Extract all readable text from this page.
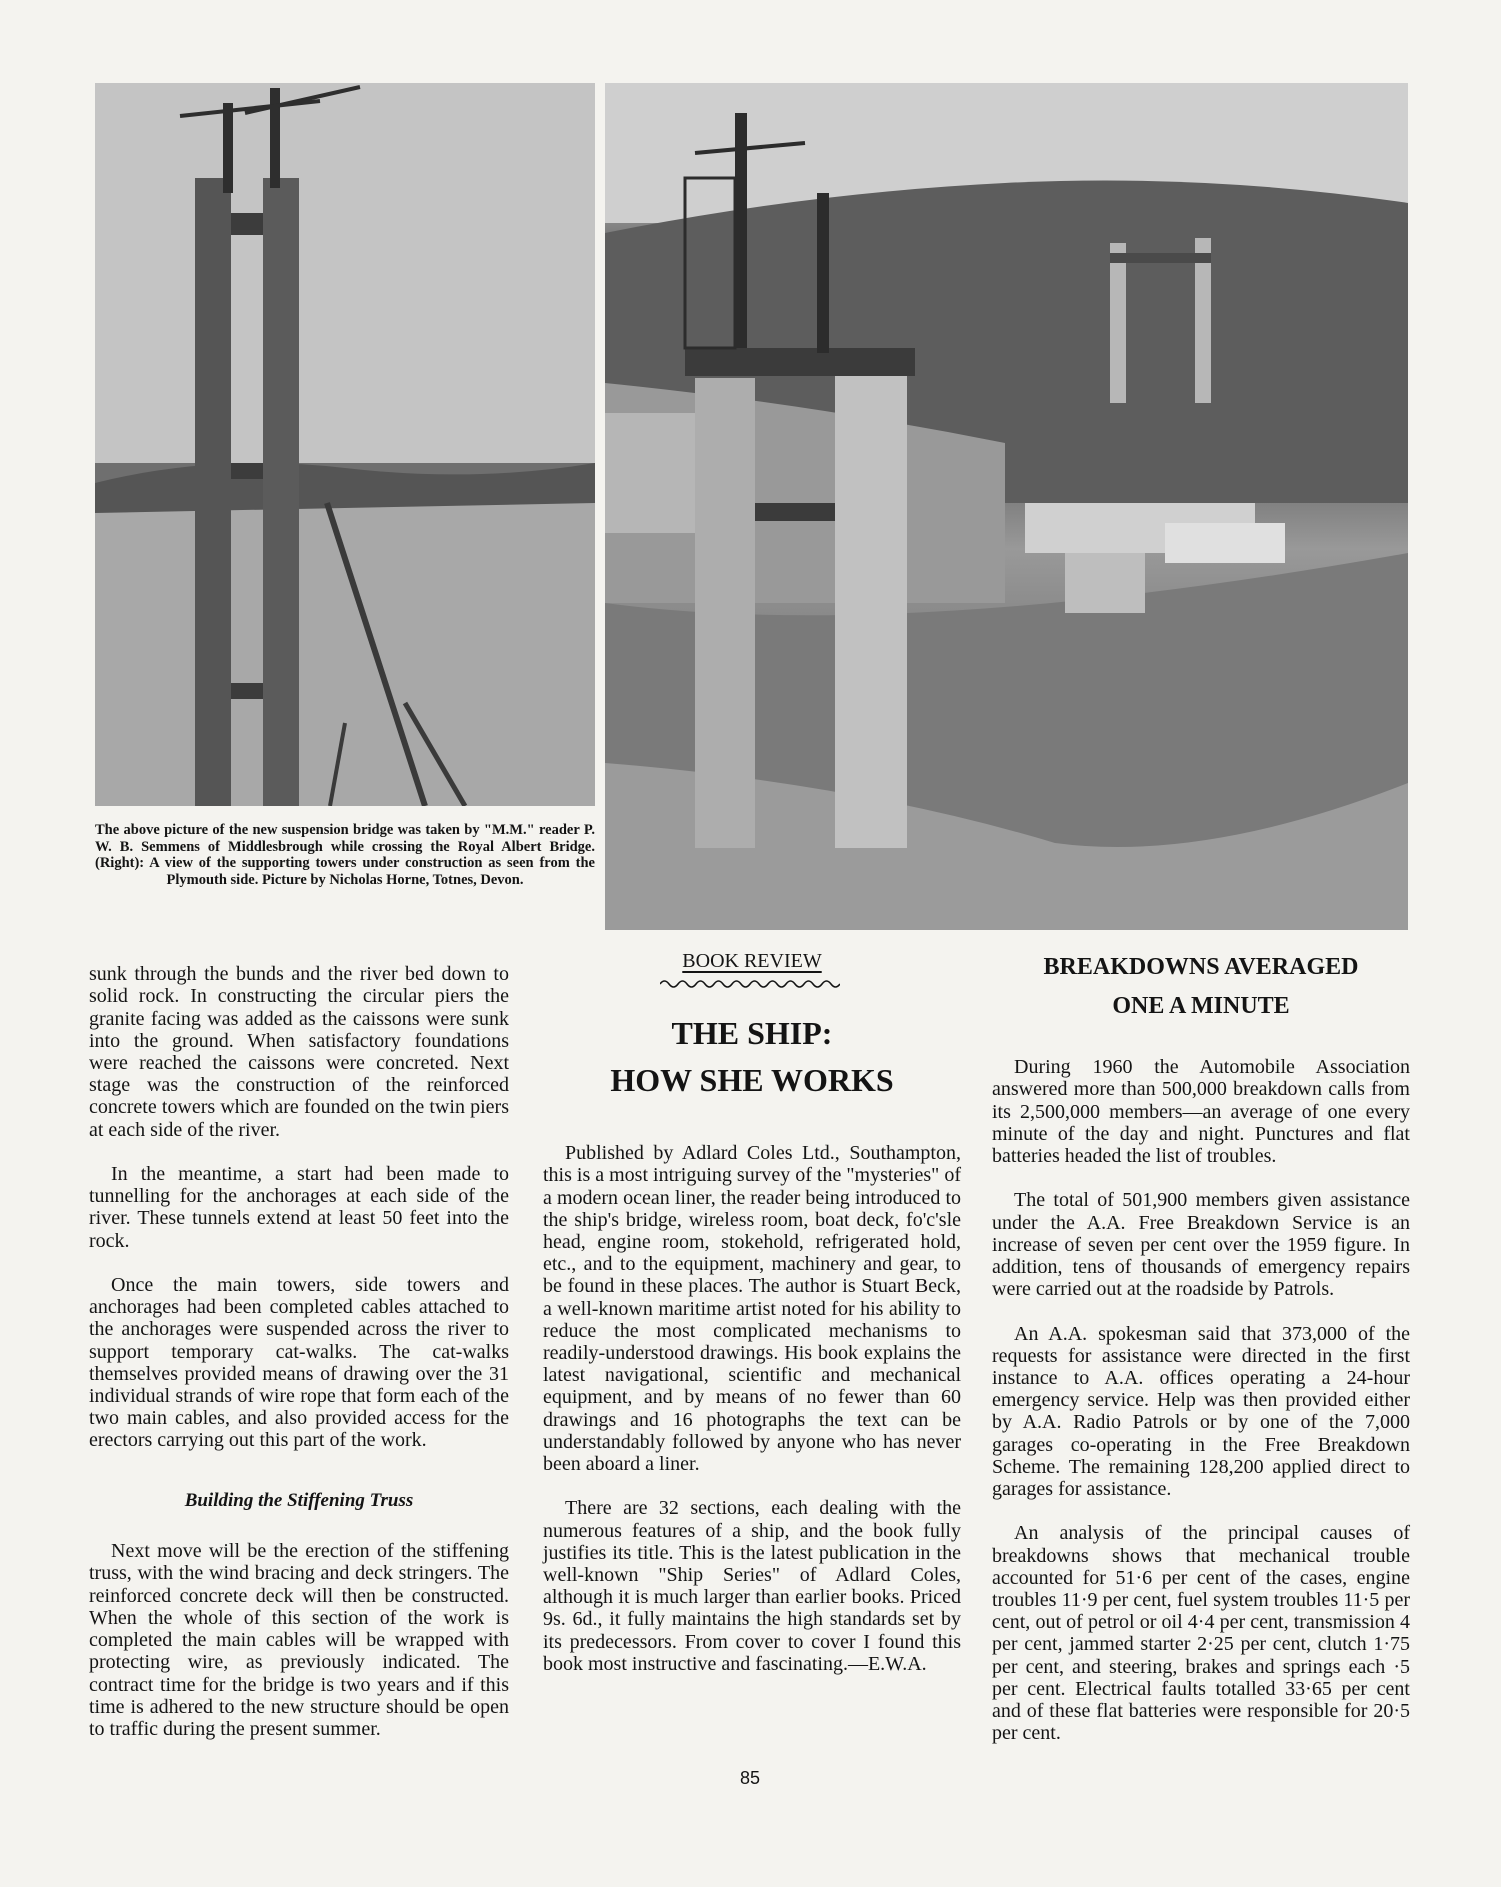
The above picture of the new suspension bridge was taken by "M.M." reader P. W. B. Semmens of Middlesbrough while crossing the Royal Albert Bridge. (Right): A view of the supporting towers under construction as seen from the Plymouth side. Picture by Nicholas Horne, Totnes, Devon.

sunk through the bunds and the river bed down to solid rock. In constructing the circular piers the granite facing was added as the caissons were sunk into the ground. When satisfactory foundations were reached the caissons were concreted. Next stage was the construction of the reinforced concrete towers which are founded on the twin piers at each side of the river.

In the meantime, a start had been made to tunnelling for the anchorages at each side of the river. These tunnels extend at least 50 feet into the rock.

Once the main towers, side towers and anchorages had been completed cables attached to the anchorages were suspended across the river to support temporary cat-walks. The cat-walks themselves provided means of drawing over the 31 individual strands of wire rope that form each of the two main cables, and also provided access for the erectors carrying out this part of the work.

Building the Stiffening Truss

Next move will be the erection of the stiffening truss, with the wind bracing and deck stringers. The reinforced concrete deck will then be constructed. When the whole of this section of the work is completed the main cables will be wrapped with protecting wire, as previously indicated. The contract time for the bridge is two years and if this time is adhered to the new structure should be open to traffic during the present summer.

BOOK REVIEW
THE SHIP:
HOW SHE WORKS

Published by Adlard Coles Ltd., Southampton, this is a most intriguing survey of the "mysteries" of a modern ocean liner, the reader being introduced to the ship's bridge, wireless room, boat deck, fo'c'sle head, engine room, stokehold, refrigerated hold, etc., and to the equipment, machinery and gear, to be found in these places. The author is Stuart Beck, a well-known maritime artist noted for his ability to reduce the most complicated mechanisms to readily-understood drawings. His book explains the latest navigational, scientific and mechanical equipment, and by means of no fewer than 60 drawings and 16 photographs the text can be understandably followed by anyone who has never been aboard a liner.

There are 32 sections, each dealing with the numerous features of a ship, and the book fully justifies its title. This is the latest publication in the well-known "Ship Series" of Adlard Coles, although it is much larger than earlier books. Priced 9s. 6d., it fully maintains the high standards set by its predecessors. From cover to cover I found this book most instructive and fascinating.—E.W.A.

BREAKDOWNS AVERAGED
ONE A MINUTE

During 1960 the Automobile Association answered more than 500,000 breakdown calls from its 2,500,000 members—an average of one every minute of the day and night. Punctures and flat batteries headed the list of troubles.

The total of 501,900 members given assistance under the A.A. Free Breakdown Service is an increase of seven per cent over the 1959 figure. In addition, tens of thousands of emergency repairs were carried out at the roadside by Patrols.

An A.A. spokesman said that 373,000 of the requests for assistance were directed in the first instance to A.A. offices operating a 24-hour emergency service. Help was then provided either by A.A. Radio Patrols or by one of the 7,000 garages co-operating in the Free Breakdown Scheme. The remaining 128,200 applied direct to garages for assistance.

An analysis of the principal causes of breakdowns shows that mechanical trouble accounted for 51·6 per cent of the cases, engine troubles 11·9 per cent, fuel system troubles 11·5 per cent, out of petrol or oil 4·4 per cent, transmission 4 per cent, jammed starter 2·25 per cent, clutch 1·75 per cent, and steering, brakes and springs each ·5 per cent. Electrical faults totalled 33·65 per cent and of these flat batteries were responsible for 20·5 per cent.

85
